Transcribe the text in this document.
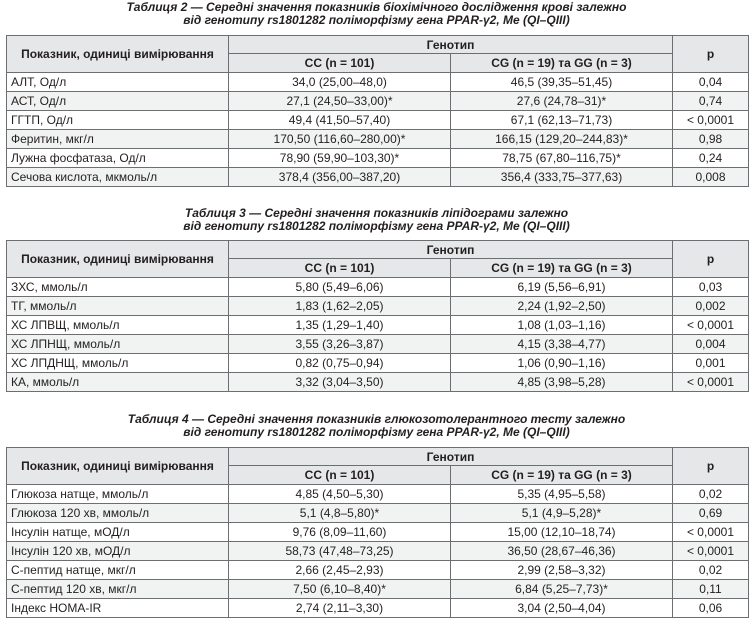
Таблиця 2 — Середні значення показників біохімічного дослідження крові залежно
від генотипу rs1801282 поліморфізму гена PPAR-γ2, Me (QI–QIII)
Показник, одиниці вимірювання	Генотип		p
	CC (n = 101)	CG (n = 19) та GG (n = 3)	
АЛТ, Од/л	34,0 (25,00–48,0)	46,5 (39,35–51,45)	0,04
АСТ, Од/л	27,1 (24,50–33,00)*	27,6 (24,78–31)*	0,74
ГГТП, Од/л	49,4 (41,50–57,40)	67,1 (62,13–71,73)	< 0,0001
Феритин, мкг/л	170,50 (116,60–280,00)*	166,15 (129,20–244,83)*	0,98
Лужна фосфатаза, Од/л	78,90 (59,90–103,30)*	78,75 (67,80–116,75)*	0,24
Сечова кислота, мкмоль/л	378,4 (356,00–387,20)	356,4 (333,75–377,63)	0,008
Таблиця 3 — Середні значення показників ліпідограми залежно
від генотипу rs1801282 поліморфізму гена PPAR-γ2, Me (QI–QIII)
Показник, одиниці вимірювання	Генотип		p
	CC (n = 101)	CG (n = 19) та GG (n = 3)	
ЗХС, ммоль/л	5,80 (5,49–6,06)	6,19 (5,56–6,91)	0,03
ТГ, ммоль/л	1,83 (1,62–2,05)	2,24 (1,92–2,50)	0,002
ХС ЛПВЩ, ммоль/л	1,35 (1,29–1,40)	1,08 (1,03–1,16)	< 0,0001
ХС ЛПНЩ, ммоль/л	3,55 (3,26–3,87)	4,15 (3,38–4,77)	0,004
ХС ЛПДНЩ, ммоль/л	0,82 (0,75–0,94)	1,06 (0,90–1,16)	0,001
КА, ммоль/л	3,32 (3,04–3,50)	4,85 (3,98–5,28)	< 0,0001
Таблиця 4 — Середні значення показників глюкозотолерантного тесту залежно
від генотипу rs1801282 поліморфізму гена PPAR-γ2, Me (QI–QIII)
Показник, одиниці вимірювання	Генотип		p
	CC (n = 101)	CG (n = 19) та GG (n = 3)	
Глюкоза натще, ммоль/л	4,85 (4,50–5,30)	5,35 (4,95–5,58)	0,02
Глюкоза 120 хв, ммоль/л	5,1 (4,8–5,80)*	5,1 (4,9–5,28)*	0,69
Інсулін натще, мОД/л	9,76 (8,09–11,60)	15,00 (12,10–18,74)	< 0,0001
Інсулін 120 хв, мОД/л	58,73 (47,48–73,25)	36,50 (28,67–46,36)	< 0,0001
С-пептид натще, мкг/л	2,66 (2,45–2,93)	2,99 (2,58–3,32)	0,02
С-пептид 120 хв, мкг/л	7,50 (6,10–8,40)*	6,84 (5,25–7,73)*	0,11
Індекс HOMA-IR	2,74 (2,11–3,30)	3,04 (2,50–4,04)	0,06
